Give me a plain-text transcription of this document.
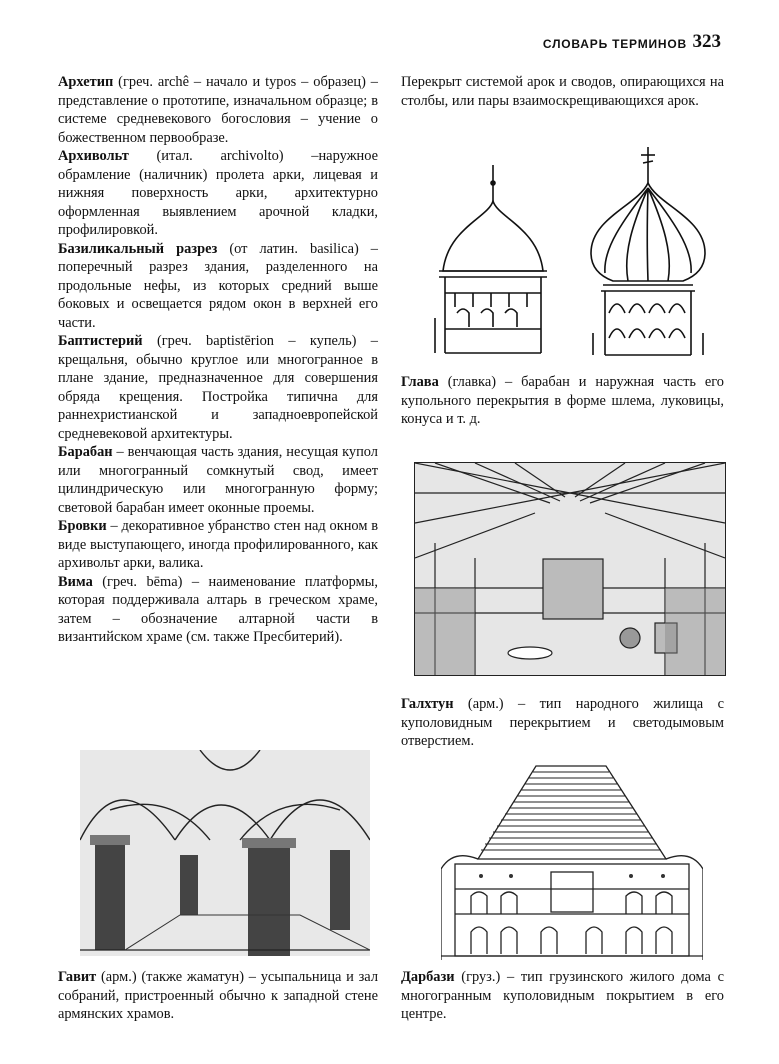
СЛОВАРЬ ТЕРМИНОВ 323

Архетип (греч. archê – начало и typos – образец) – представление о прототипе, изначальном образце; в системе средневекового богословия – учение о божественном первообразе.

Архивольт (итал. archivolto) –наружное обрамление (наличник) пролета арки, лицевая и нижняя поверхность арки, архитектурно оформленная выявлением арочной кладки, профилировкой.

Базиликальный разрез (от латин. basilica) – поперечный разрез здания, разделенного на продольные нефы, из которых средний выше боковых и освещается рядом окон в верхней его части.

Баптистерий (греч. baptistērion – купель) – крещальня, обычно круглое или многогранное в плане здание, предназначенное для совершения обряда крещения. Постройка типична для раннехристианской и западноевропейской средневековой архитектуры.

Барабан – венчающая часть здания, несущая купол или многогранный сомкнутый свод, имеет цилиндрическую или многогранную форму; световой барабан имеет оконные проемы.

Бровки – декоративное убранство стен над окном в виде выступающего, иногда профилированного, как архивольт арки, валика.

Вима (греч. bēma) – наименование платформы, которая поддерживала алтарь в греческом храме, затем – обозначение алтарной части в византийском храме (см. также Пресбитерий).

Перекрыт системой арок и сводов, опирающихся на столбы, или пары взаимоскрещивающихся арок.

Глава (главка) – барабан и наружная часть его купольного перекрытия в форме шлема, луковицы, конуса и т. д.
Галхтун (арм.) – тип народного жилища с куполовидным перекрытием и светодымовым отверстием.
Гавит (арм.) (также жаматун) – усыпальница и зал собраний, пристроенный обычно к западной стене армянских храмов.
Дарбази (груз.) – тип грузинского жилого дома с многогранным куполовидным покрытием в его центре.
